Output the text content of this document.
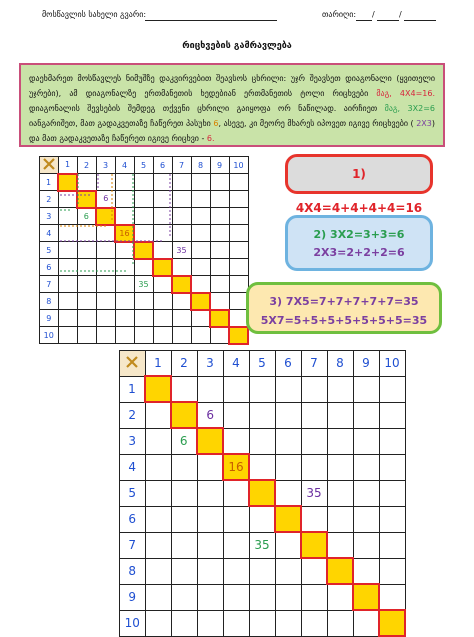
მოსწავლის სახელი გვარი:	თარიღი: /	/
რიცხვების გამრავლება
დაეხმარეთ მოსწავლეს ნიმუშზე დაკვირვებით შეავსოს ცხრილი: უჯრ შეავსეთ დიაგონალი (ყვითელი უჯრები), ამ დიაგონალზე ერთმანეთის ხედებიან ერთმანეთის ტოლი რიცხვები მაგ, 4X4=16. დიაგონალის შევსების შემდეგ თქვენი ცხრილი გაიყოფა ორ ნაწილად. აირჩიეთ მაგ, 3X2=6 იანგარიშეთ, მათ გადაკვეთაზე ჩაწერეთ პასუხი 6, ასევე, კი მეორე მხარეს იპოვეთ იგივე რიცხვები ( 2X3) და მათ გადაკვეთაზე ჩაწერეთ იგივე რიცხვი - 6.
	1	2	3	4	5	6	7	8	9	10
1										
2			6							
3		6								
4				16						
5							35			
6										
7					35					
8										
9										
10										
1) 4X4=4+4+4+4=16
2) 3X2=3+3=6
2X3=2+2+2=6
3) 7X5=7+7+7+7+7=35
5X7=5+5+5+5+5+5+5=35
	1	2	3	4	5	6	7	8	9	10
1										
2			6							
3		6								
4				16						
5							35			
6										
7					35					
8										
9										
10										
